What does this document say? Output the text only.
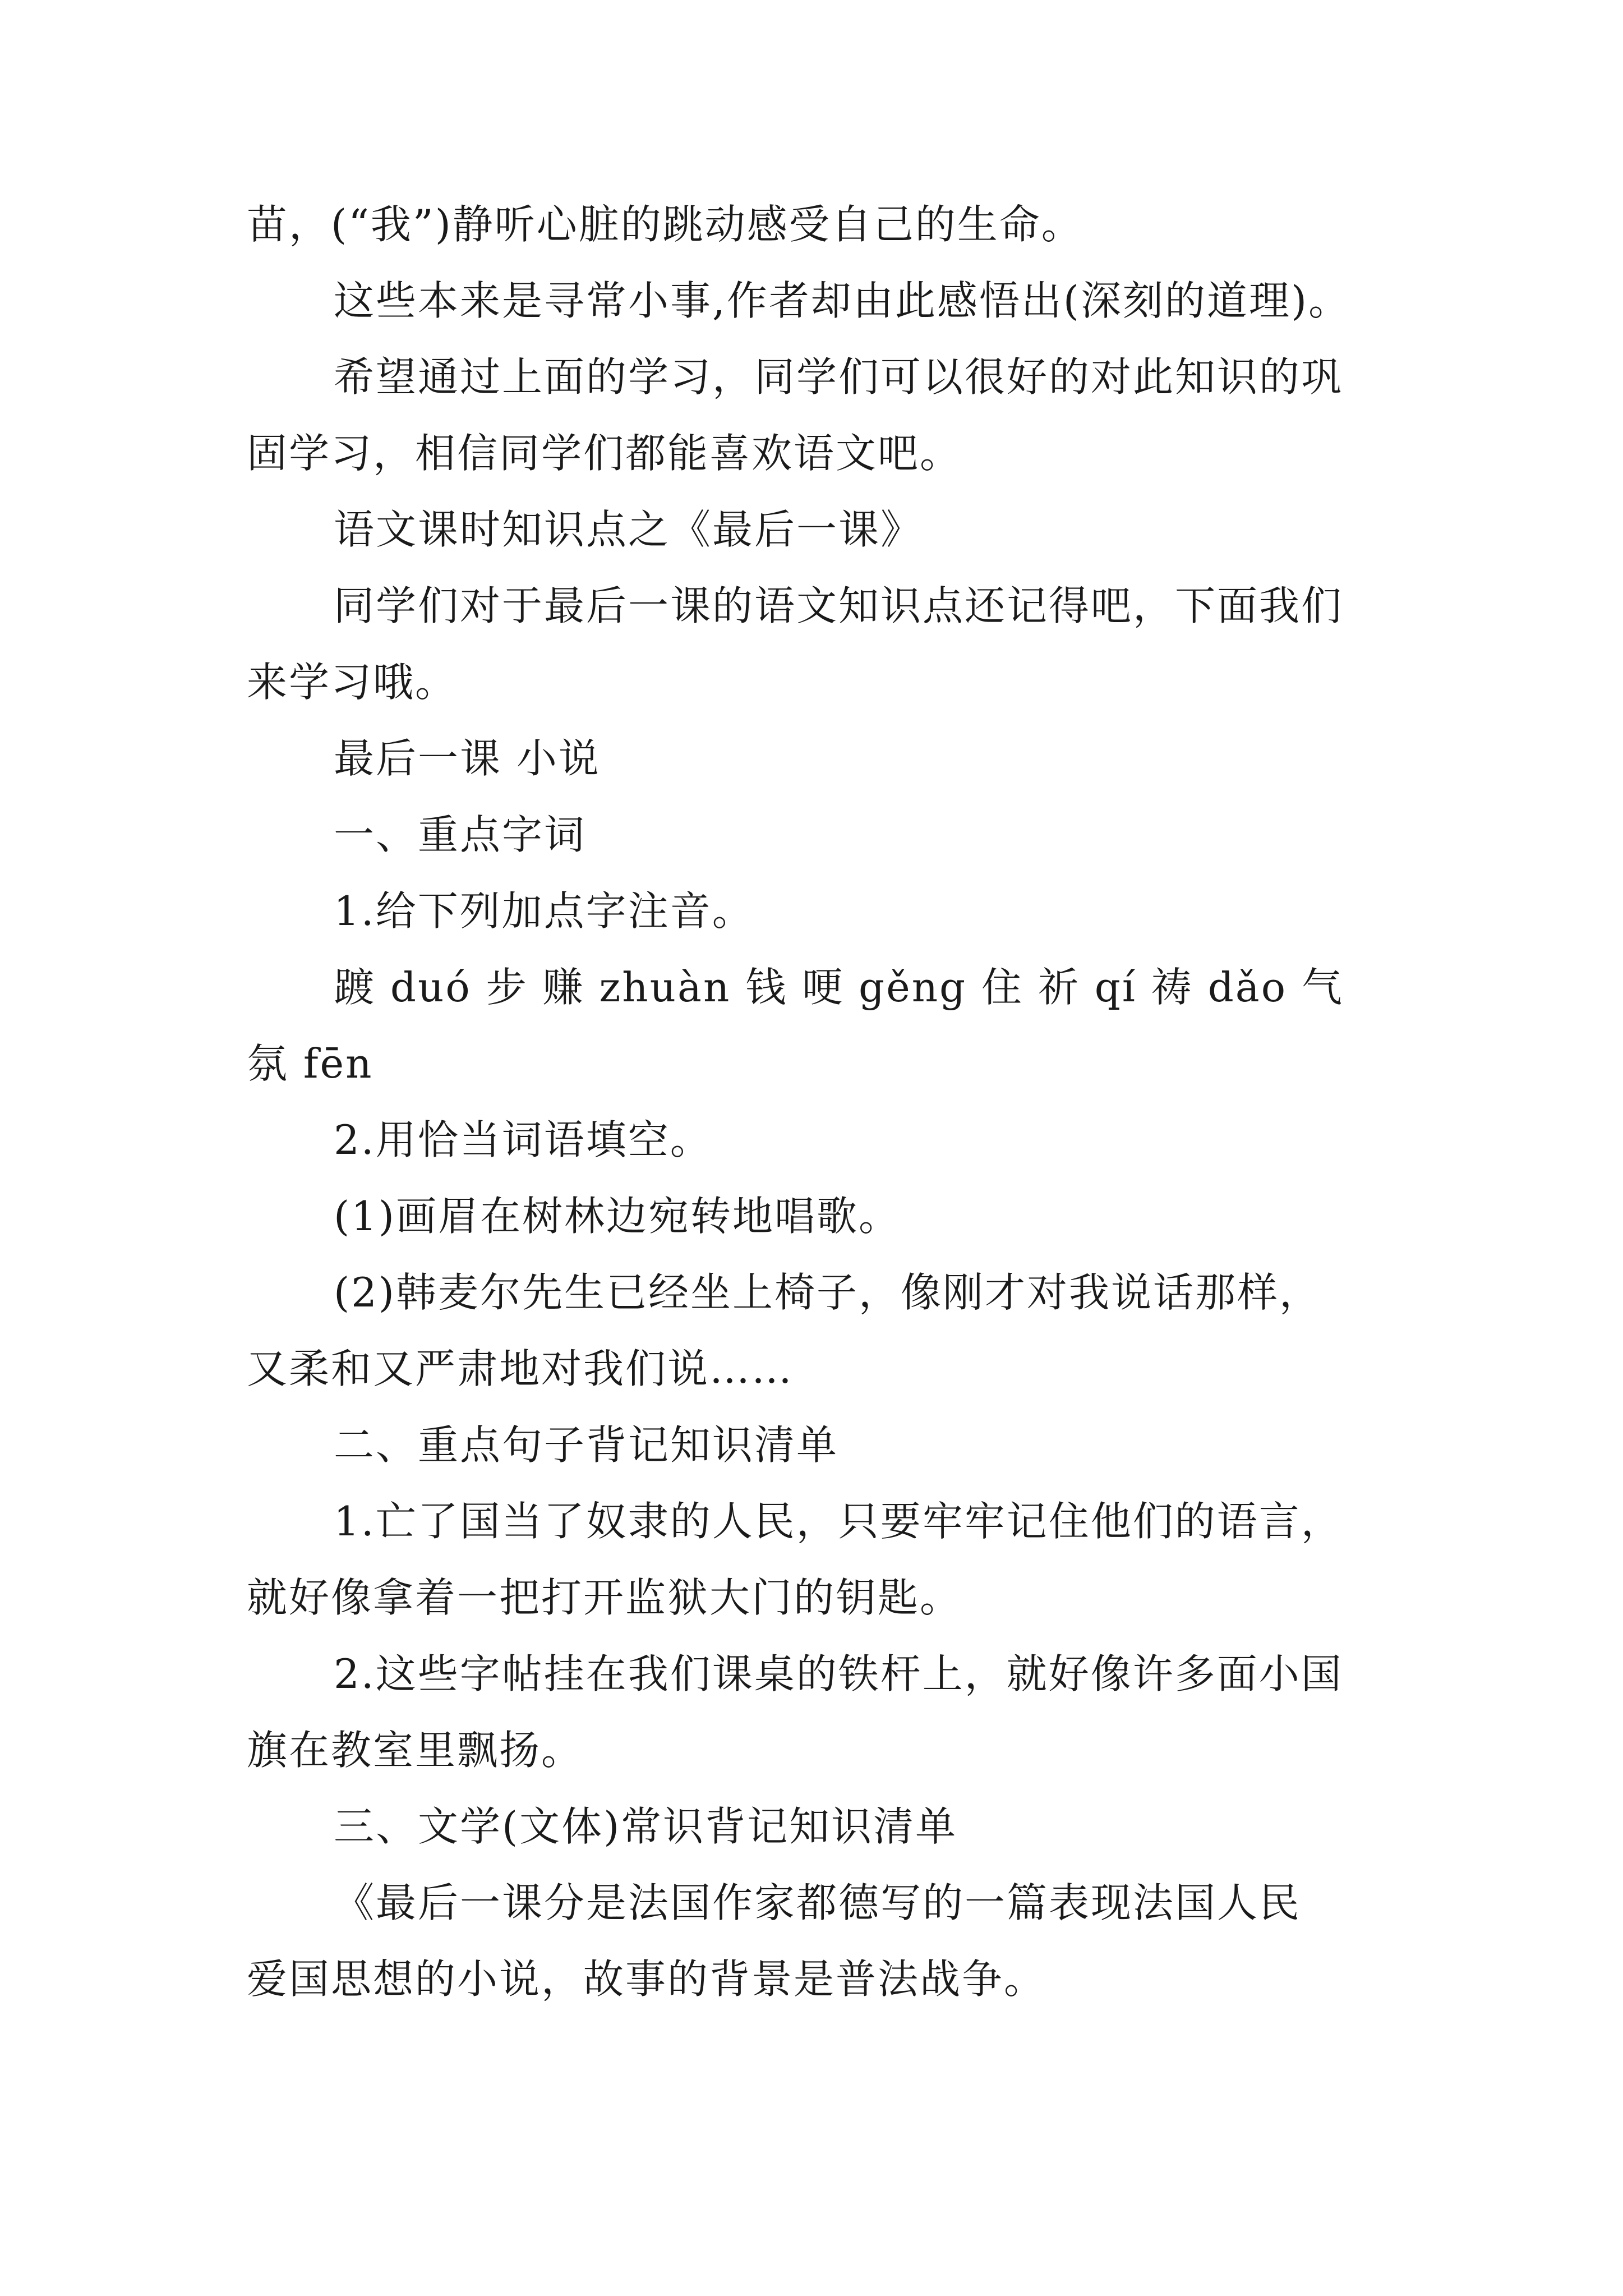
苗，(“我”)静听心脏的跳动感受自己的生命。
这些本来是寻常小事,作者却由此感悟出(深刻的道理)。
希望通过上面的学习，同学们可以很好的对此知识的巩
固学习，相信同学们都能喜欢语文吧。
语文课时知识点之《最后一课》
同学们对于最后一课的语文知识点还记得吧，下面我们
来学习哦。
最后一课 小说
一、重点字词
1.给下列加点字注音。
踱 duó 步 赚 zhuàn 钱 哽 gěng 住 祈 qí 祷 dǎo 气
氛 fēn
2.用恰当词语填空。
(1)画眉在树林边宛转地唱歌。
(2)韩麦尔先生已经坐上椅子，像刚才对我说话那样，
又柔和又严肃地对我们说……
二、重点句子背记知识清单
1.亡了国当了奴隶的人民，只要牢牢记住他们的语言，
就好像拿着一把打开监狱大门的钥匙。
2.这些字帖挂在我们课桌的铁杆上，就好像许多面小国
旗在教室里飘扬。
三、文学(文体)常识背记知识清单
《最后一课分是法国作家都德写的一篇表现法国人民
爱国思想的小说，故事的背景是普法战争。
